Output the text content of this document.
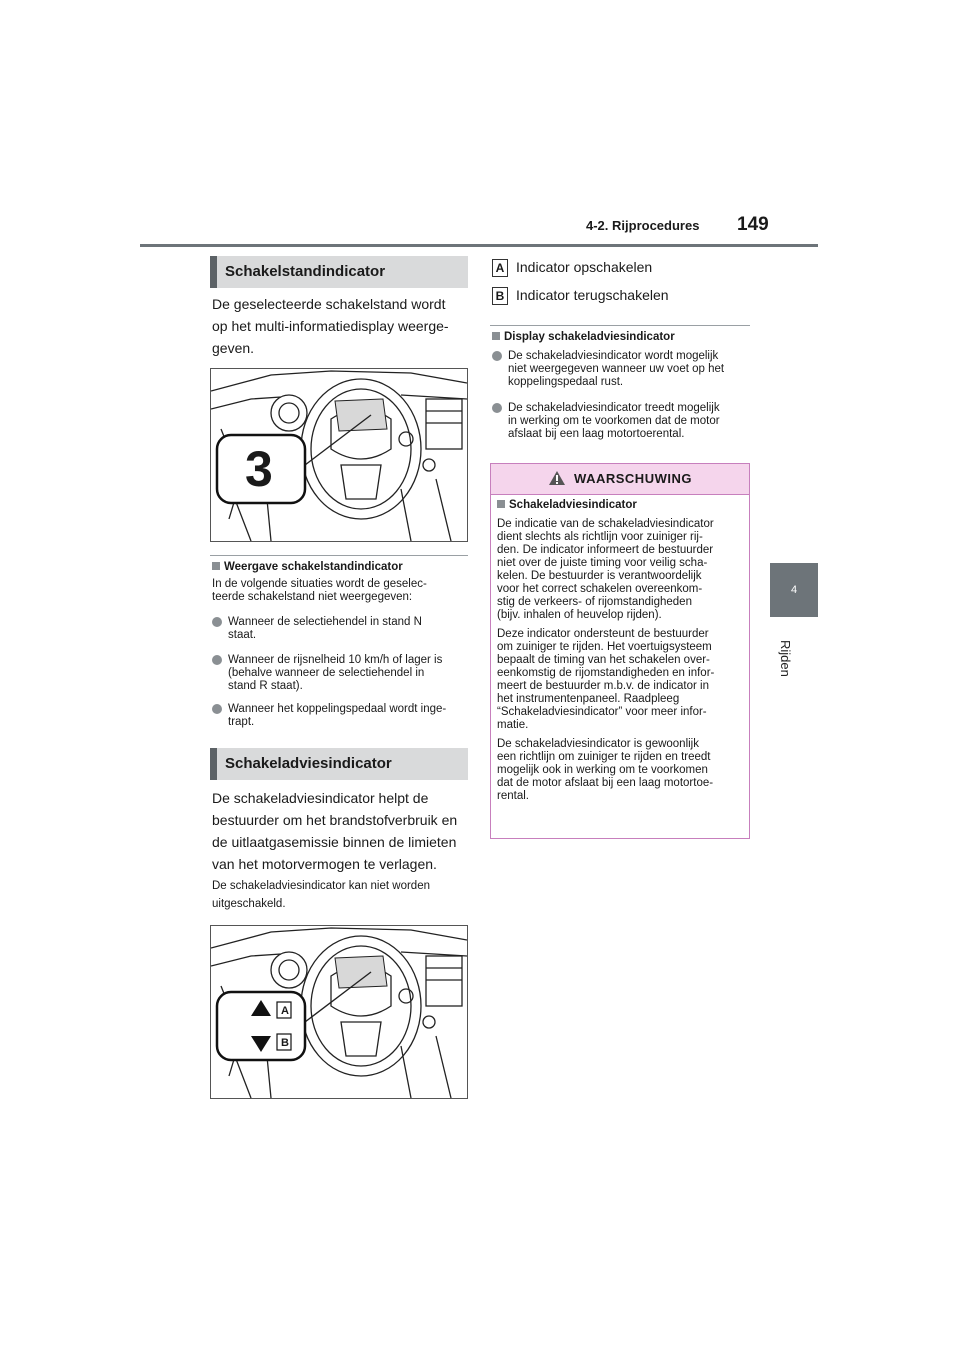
4-2. Rijprocedures 149
4
Rijden
Schakelstandindicator
De geselecteerde schakelstand wordt
op het multi-informatiedisplay weerge-
geven.
3
Weergave schakelstandindicator
In de volgende situaties wordt de geselec-
teerde schakelstand niet weergegeven:
Wanneer de selectiehendel in stand N
staat.
Wanneer de rijsnelheid 10 km/h of lager is
(behalve wanneer de selectiehendel in
stand R staat).
Wanneer het koppelingspedaal wordt inge-
trapt.
Schakeladviesindicator
De schakeladviesindicator helpt de
bestuurder om het brandstofverbruik en
de uitlaatgasemissie binnen de limieten
van het motorvermogen te verlagen.
De schakeladviesindicator kan niet worden
uitgeschakeld.
A
B
A Indicator opschakelen
B Indicator terugschakelen
Display schakeladviesindicator
De schakeladviesindicator wordt mogelijk
niet weergegeven wanneer uw voet op het
koppelingspedaal rust.
De schakeladviesindicator treedt mogelijk
in werking om te voorkomen dat de motor
afslaat bij een laag motortoerental.
WAARSCHUWING

Schakeladviesindicator

De indicatie van de schakeladviesindicator
dient slechts als richtlijn voor zuiniger rij-
den. De indicator informeert de bestuurder
niet over de juiste timing voor veilig scha-
kelen. De bestuurder is verantwoordelijk
voor het correct schakelen overeenkom-
stig de verkeers- of rijomstandigheden
(bijv. inhalen of heuvelop rijden).

Deze indicator ondersteunt de bestuurder
om zuiniger te rijden. Het voertuigsysteem
bepaalt de timing van het schakelen over-
eenkomstig de rijomstandigheden en infor-
meert de bestuurder m.b.v. de indicator in
het instrumentenpaneel. Raadpleeg
“Schakeladviesindicator” voor meer infor-
matie.

De schakeladviesindicator is gewoonlijk
een richtlijn om zuiniger te rijden en treedt
mogelijk ook in werking om te voorkomen
dat de motor afslaat bij een laag motortoe-
rental.
